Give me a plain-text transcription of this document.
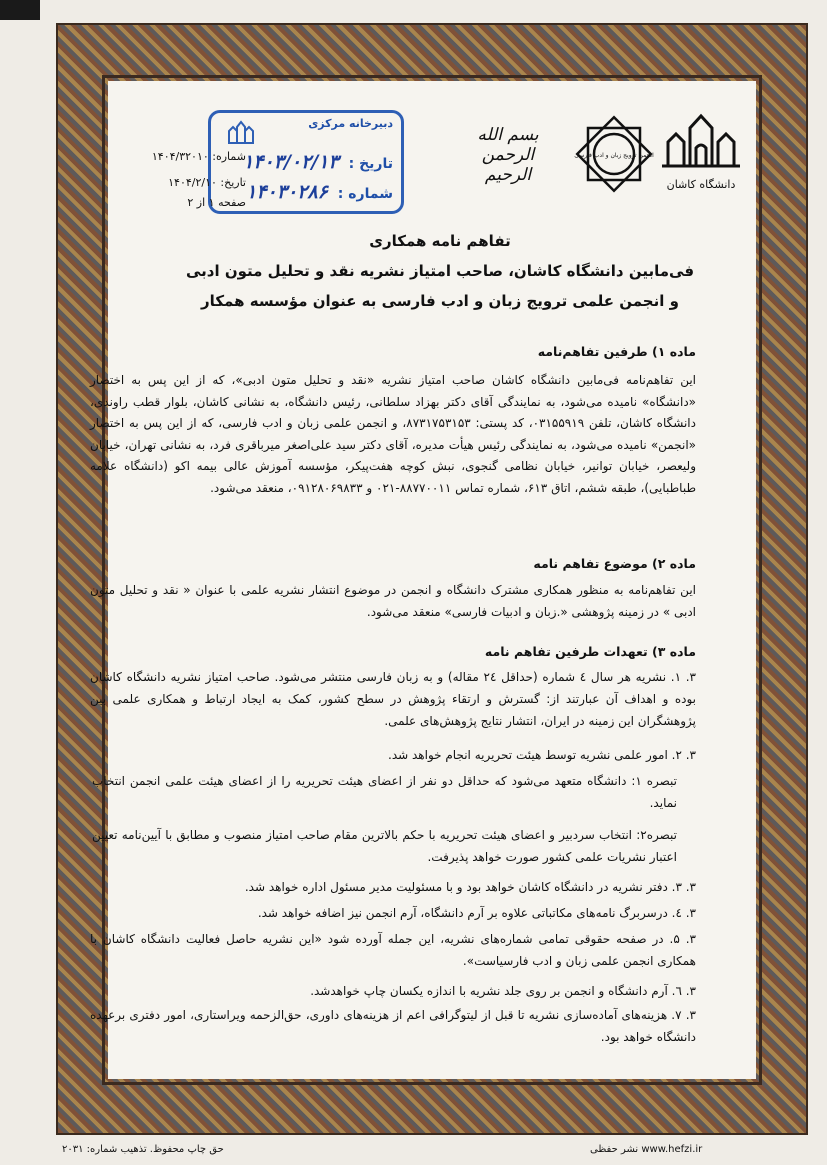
دانشگاه کاشان
انجمن ترویج زبان و ادب فارسی
بسم الله الرحمن الرحیم
دبیرخانه مرکزی
تاریخ :۱۴۰۳/۰۲/۱۳
شماره :۱۴۰۳۰۲۸۶
شماره: ۱۴۰۴/۳۲۰۱۰
تاریخ: ۱۴۰۴/۲/۱۰
صفحه ۱ از ۲
تفاهم نامه همکاری
فی‌مابین دانشگاه کاشان، صاحب امتیاز نشریه نقد و تحلیل متون ادبی
و انجمن علمی ترویج زبان و ادب فارسی به عنوان مؤسسه همکار
ماده ۱) طرفین تفاهم‌نامه
این تفاهم‌نامه فی‌مابین دانشگاه کاشان صاحب امتیاز نشریه «نقد و تحلیل متون ادبی»، که از این پس به اختصار «دانشگاه» نامیده می‌شود، به نمایندگی آقای دکتر بهزاد سلطانی، رئیس دانشگاه، به نشانی کاشان، بلوار قطب راوندی، دانشگاه کاشان، تلفن ۰۳۱۵۵۹۱۹، کد پستی: ۸۷۳۱۷۵۳۱۵۳، و انجمن علمی زبان و ادب فارسی، که از این پس به اختصار «انجمن» نامیده می‌شود، به نمایندگی رئیس هیأت مدیره، آقای دکتر سید علی‌اصغر میرباقری فرد، به نشانی تهران، خیابان ولیعصر، خیابان توانیر، خیابان نظامی گنجوی، نبش کوچه هفت‌پیکر، مؤسسه آموزش عالی بیمه اکو (دانشگاه علامه طباطبایی)، طبقه ششم، اتاق ۶۱۳، شماره تماس ۸۸۷۷۰۰۱۱-۰۲۱ و ۰۹۱۲۸۰۶۹۸۳۳، منعقد می‌شود.
ماده ۲) موضوع تفاهم نامه
این تفاهم‌نامه به منظور همکاری مشترک دانشگاه و انجمن در موضوع انتشار نشریه علمی با عنوان « نقد و تحلیل متون ادبی » در زمینه پژوهشی «.زبان و ادبیات فارسی» منعقد می‌شود.
ماده ۳) تعهدات طرفین تفاهم نامه
۳. ۱. نشریه هر سال ٤ شماره (حداقل ۲٤ مقاله) و به زبان فارسی منتشر می‌شود. صاحب امتیاز نشریه دانشگاه کاشان بوده و اهداف آن عبارتند از: گسترش و ارتقاء پژوهش در سطح کشور، کمک به ایجاد ارتباط و همکاری علمی بین پژوهشگران این زمینه در ایران، انتشار نتایج پژوهش‌های علمی.
۳. ۲. امور علمی نشریه توسط هیئت تحریریه انجام خواهد شد.
تبصره ۱: دانشگاه متعهد می‌شود که حداقل دو نفر از اعضای هیئت تحریریه را از اعضای هیئت علمی انجمن انتخاب نماید.
تبصره۲: انتخاب سردبیر و اعضای هیئت تحریریه با حکم بالاترین مقام صاحب امتیاز منصوب و مطابق با آیین‌نامه تعیین اعتبار نشریات علمی کشور صورت خواهد پذیرفت.
۳. ۳. دفتر نشریه در دانشگاه کاشان خواهد بود و با مسئولیت مدیر مسئول اداره خواهد شد.
۳. ٤. درسربرگ نامه‌های مکاتباتی علاوه بر آرم دانشگاه، آرم انجمن نیز اضافه خواهد شد.
۳. ۵. در صفحه حقوقی تمامی شماره‌های نشریه، این جمله آورده شود «این نشریه حاصل فعالیت دانشگاه کاشان با همکاری انجمن علمی زبان و ادب فارسیاست».
۳. ٦. آرم دانشگاه و انجمن بر روی جلد نشریه با اندازه یکسان چاپ خواهدشد.
۳. ۷. هزینه‌های آماده‌سازی نشریه تا قبل از لیتوگرافی اعم از هزینه‌های داوری، حق‌الزحمه ویراستاری، امور دفتری برعهده دانشگاه خواهد بود.
حق چاپ محفوظ. تذهیب شماره: ۲۰۳۱	www.hefzi.ir نشر حفظی
